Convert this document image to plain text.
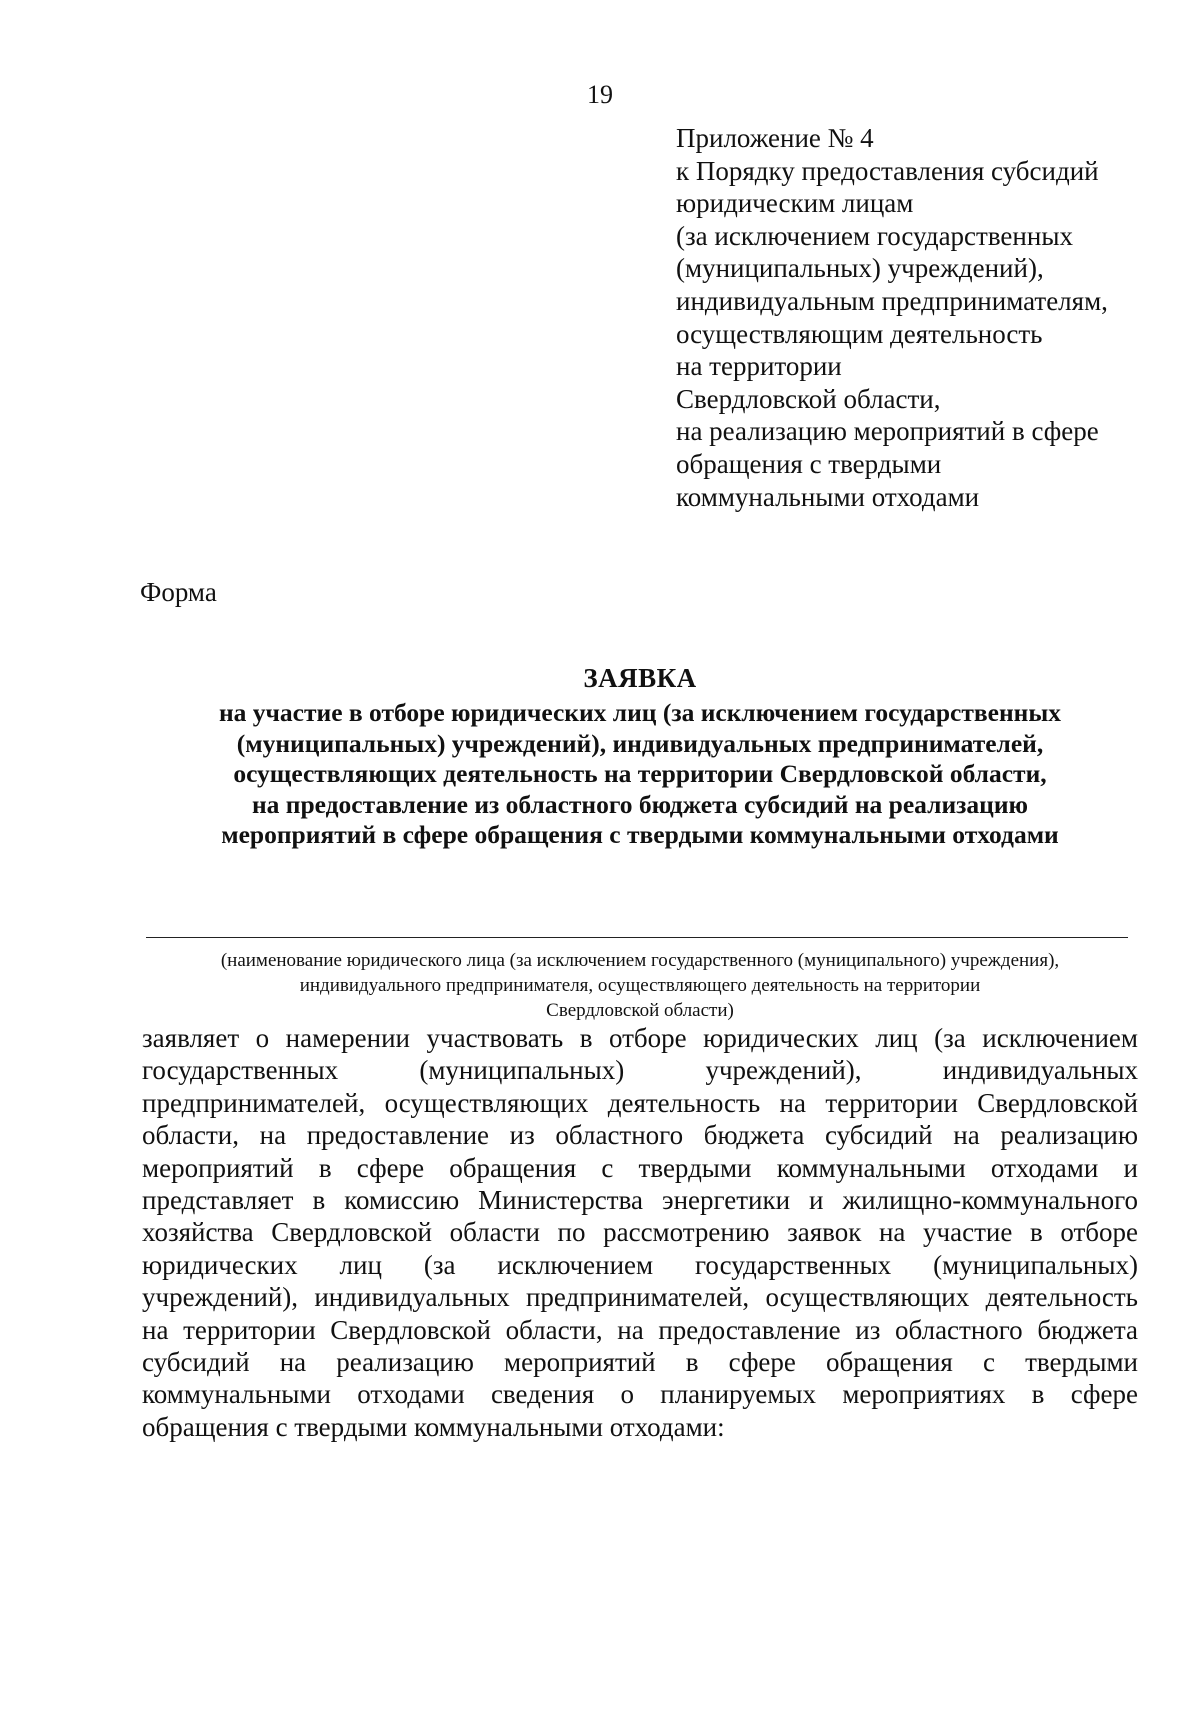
19
Приложение № 4
к Порядку предоставления субсидий
юридическим лицам
(за исключением государственных
(муниципальных) учреждений),
индивидуальным предпринимателям,
осуществляющим деятельность
на территории
Свердловской области,
на реализацию мероприятий в сфере
обращения с твердыми
коммунальными отходами
Форма
ЗАЯВКА
на участие в отборе юридических лиц (за исключением государственных
(муниципальных) учреждений), индивидуальных предпринимателей,
осуществляющих деятельность на территории Свердловской области,
на предоставление из областного бюджета субсидий на реализацию
мероприятий в сфере обращения с твердыми коммунальными отходами
(наименование юридического лица (за исключением государственного (муниципального) учреждения),
индивидуального предпринимателя, осуществляющего деятельность на территории
Свердловской области)
заявляет о намерении участвовать в отборе юридических лиц (за исключением
государственных (муниципальных) учреждений), индивидуальных
предпринимателей, осуществляющих деятельность на территории Свердловской
области, на предоставление из областного бюджета субсидий на реализацию
мероприятий в сфере обращения с твердыми коммунальными отходами и
представляет в комиссию Министерства энергетики и жилищно-коммунального
хозяйства Свердловской области по рассмотрению заявок на участие в отборе
юридических лиц (за исключением государственных (муниципальных)
учреждений), индивидуальных предпринимателей, осуществляющих деятельность
на территории Свердловской области, на предоставление из областного бюджета
субсидий на реализацию мероприятий в сфере обращения с твердыми
коммунальными отходами сведения о планируемых мероприятиях в сфере
обращения с твердыми коммунальными отходами:
